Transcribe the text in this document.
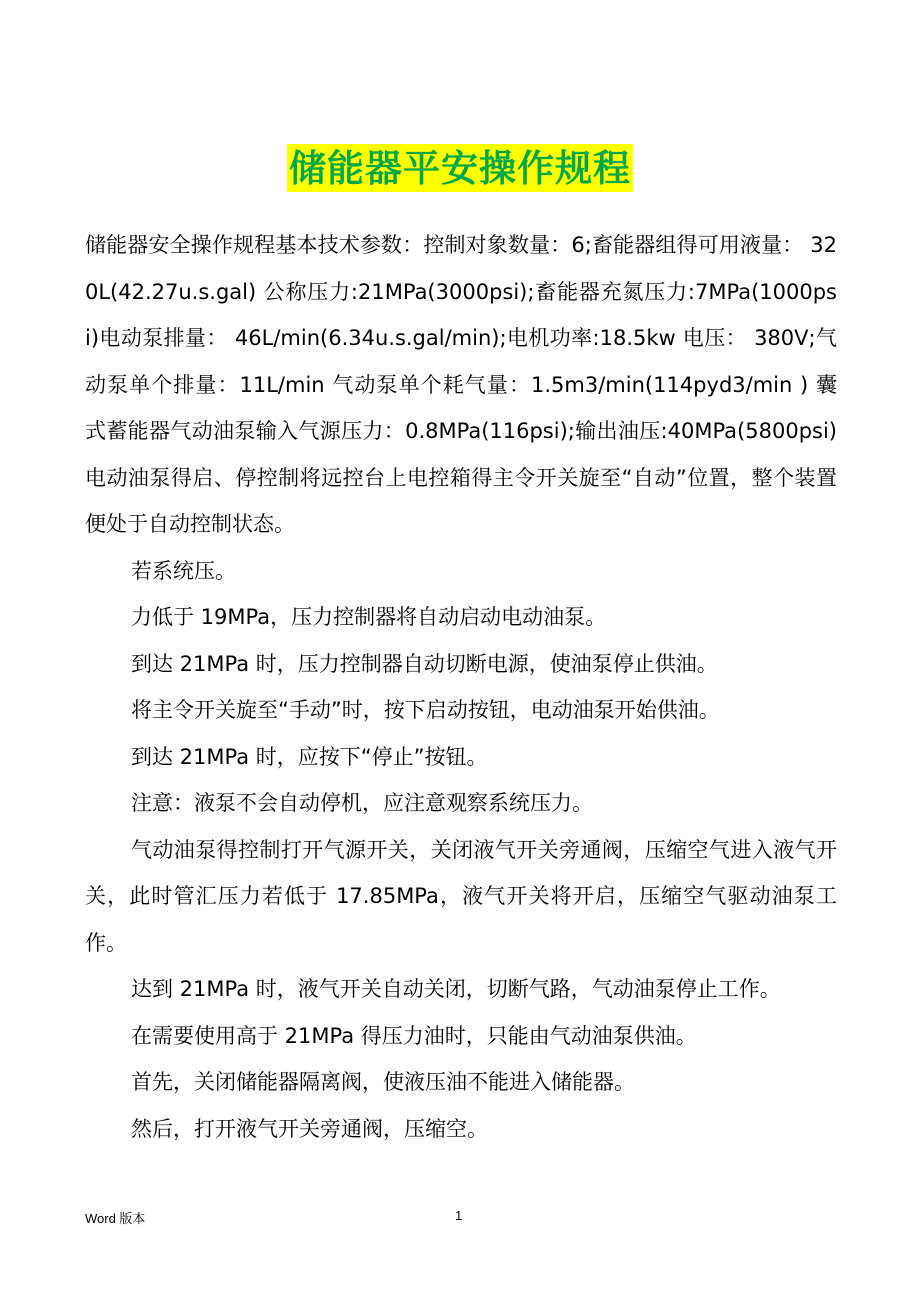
储能器平安操作规程

储能器安全操作规程基本技术参数：控制对象数量：6;畜能器组得可用液量： 320L(42.27u.s.gal) 公称压力:21MPa(3000psi);畜能器充氮压力:7MPa(1000psi)电动泵排量： 46L/min(6.34u.s.gal/min);电机功率:18.5kw 电压： 380V;气动泵单个排量：11L/min 气动泵单个耗气量：1.5m3/min(114pyd3/min ) 囊式蓄能器气动油泵输入气源压力：0.8MPa(116psi);输出油压:40MPa(5800psi)电动油泵得启、停控制将远控台上电控箱得主令开关旋至“自动”位置，整个装置便处于自动控制状态。

若系统压。

力低于 19MPa，压力控制器将自动启动电动油泵。

到达 21MPa 时，压力控制器自动切断电源，使油泵停止供油。

将主令开关旋至“手动”时，按下启动按钮，电动油泵开始供油。

到达 21MPa 时，应按下“停止”按钮。

注意：液泵不会自动停机，应注意观察系统压力。

气动油泵得控制打开气源开关，关闭液气开关旁通阀，压缩空气进入液气开关，此时管汇压力若低于 17.85MPa，液气开关将开启，压缩空气驱动油泵工作。

达到 21MPa 时，液气开关自动关闭，切断气路，气动油泵停止工作。

在需要使用高于 21MPa 得压力油时，只能由气动油泵供油。

首先，关闭储能器隔离阀，使液压油不能进入储能器。

然后，打开液气开关旁通阀，压缩空。

Word 版本	1
